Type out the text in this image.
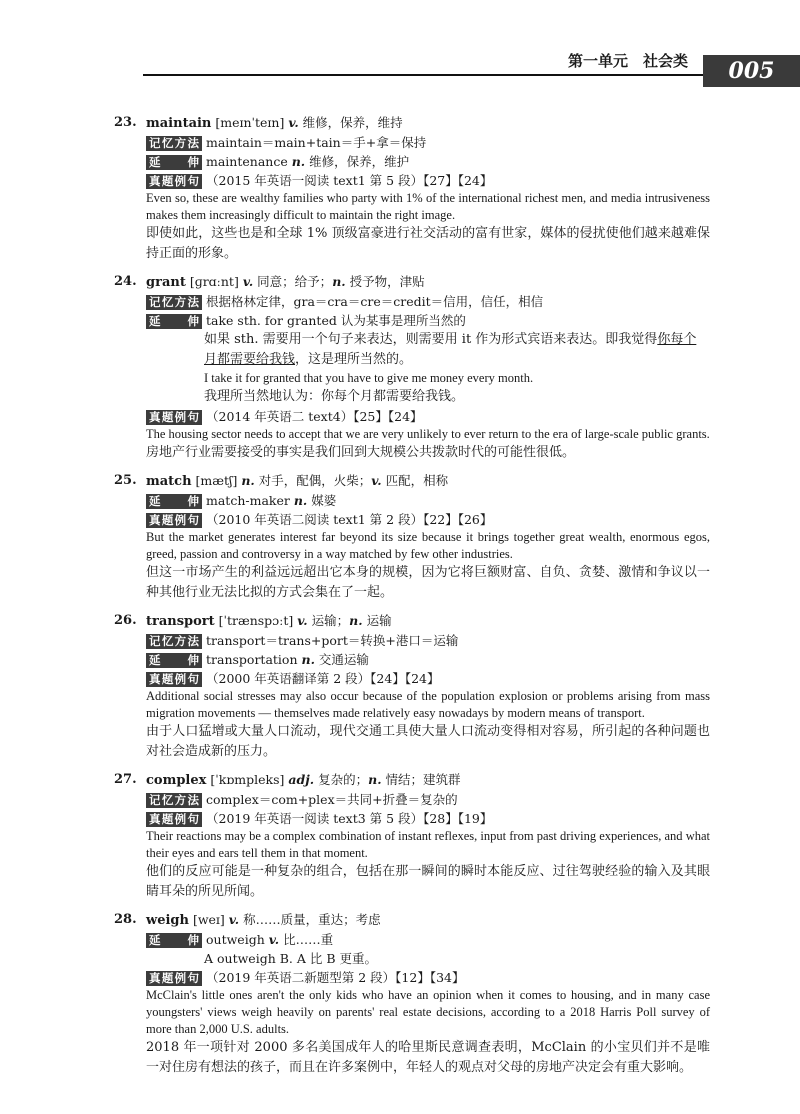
第一单元　社会类	005
23. maintain [meɪnˈteɪn] v. 维修，保养，维持
记忆方法 maintain＝main+tain＝手+拿＝保持
延　伸 maintenance n. 维修，保养，维护
真题例句 （2015 年英语一阅读 text1 第 5 段）【27】【24】
Even so, these are wealthy families who party with 1% of the international richest men, and media intrusiveness makes them increasingly difficult to maintain the right image.
即使如此，这些也是和全球 1% 顶级富豪进行社交活动的富有世家，媒体的侵扰使他们越来越难保持正面的形象。
24. grant [ɡrɑːnt] v. 同意；给予；n. 授予物，津贴
记忆方法 根据格林定律，gra＝cra＝cre＝credit＝信用，信任，相信
延　伸 take sth. for granted 认为某事是理所当然的
如果 sth. 需要用一个句子来表达，则需要用 it 作为形式宾语来表达。即我觉得你每个
月都需要给我钱，这是理所当然的。
I take it for granted that you have to give me money every month.
我理所当然地认为：你每个月都需要给我钱。
真题例句 （2014 年英语二 text4）【25】【24】
The housing sector needs to accept that we are very unlikely to ever return to the era of large-scale public grants.
房地产行业需要接受的事实是我们回到大规模公共拨款时代的可能性很低。
25. match [mætʃ] n. 对手，配偶，火柴；v. 匹配，相称
延　伸 match-maker n. 媒婆
真题例句 （2010 年英语二阅读 text1 第 2 段）【22】【26】
But the market generates interest far beyond its size because it brings together great wealth, enormous egos, greed, passion and controversy in a way matched by few other industries.
但这一市场产生的利益远远超出它本身的规模，因为它将巨额财富、自负、贪婪、激情和争议以一种其他行业无法比拟的方式会集在了一起。
26. transport [ˈtrænspɔːt] v. 运输；n. 运输
记忆方法 transport＝trans+port＝转换+港口＝运输
延　伸 transportation n. 交通运输
真题例句 （2000 年英语翻译第 2 段）【24】【24】
Additional social stresses may also occur because of the population explosion or problems arising from mass migration movements — themselves made relatively easy nowadays by modern means of transport.
由于人口猛增或大量人口流动，现代交通工具使大量人口流动变得相对容易，所引起的各种问题也对社会造成新的压力。
27. complex [ˈkɒmpleks] adj. 复杂的；n. 情结；建筑群
记忆方法 complex＝com+plex＝共同+折叠＝复杂的
真题例句 （2019 年英语一阅读 text3 第 5 段）【28】【19】
Their reactions may be a complex combination of instant reflexes, input from past driving experiences, and what their eyes and ears tell them in that moment.
他们的反应可能是一种复杂的组合，包括在那一瞬间的瞬时本能反应、过往驾驶经验的输入及其眼睛耳朵的所见所闻。
28. weigh [weɪ] v. 称……质量，重达；考虑
延　伸 outweigh v. 比……重
A outweigh B. A 比 B 更重。
真题例句 （2019 年英语二新题型第 2 段）【12】【34】
McClain's little ones aren't the only kids who have an opinion when it comes to housing, and in many case youngsters' views weigh heavily on parents' real estate decisions, according to a 2018 Harris Poll survey of more than 2,000 U.S. adults.
2018 年一项针对 2000 多名美国成年人的哈里斯民意调查表明，McClain 的小宝贝们并不是唯一对住房有想法的孩子，而且在许多案例中，年轻人的观点对父母的房地产决定会有重大影响。
